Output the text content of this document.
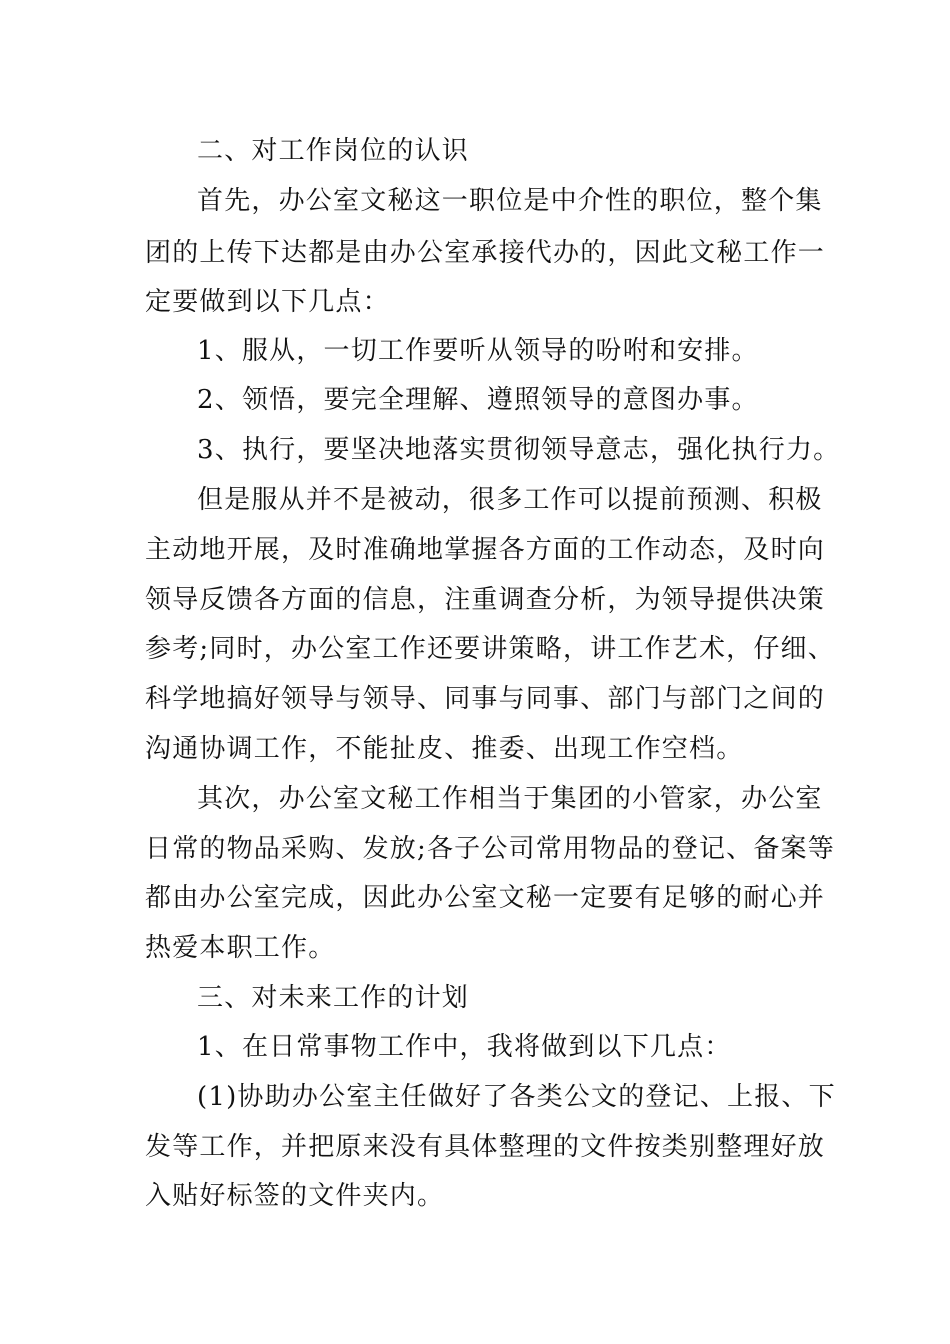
二、对工作岗位的认识
首先，办公室文秘这一职位是中介性的职位，整个集
团的上传下达都是由办公室承接代办的，因此文秘工作一
定要做到以下几点：
1、服从，一切工作要听从领导的吩咐和安排。
2、领悟，要完全理解、遵照领导的意图办事。
3、执行，要坚决地落实贯彻领导意志，强化执行力。
但是服从并不是被动，很多工作可以提前预测、积极
主动地开展，及时准确地掌握各方面的工作动态，及时向
领导反馈各方面的信息，注重调查分析，为领导提供决策
参考;同时，办公室工作还要讲策略，讲工作艺术，仔细、
科学地搞好领导与领导、同事与同事、部门与部门之间的
沟通协调工作，不能扯皮、推委、出现工作空档。
其次，办公室文秘工作相当于集团的小管家，办公室
日常的物品采购、发放;各子公司常用物品的登记、备案等
都由办公室完成，因此办公室文秘一定要有足够的耐心并
热爱本职工作。
三、对未来工作的计划
1、在日常事物工作中，我将做到以下几点：
(1)协助办公室主任做好了各类公文的登记、上报、下
发等工作，并把原来没有具体整理的文件按类别整理好放
入贴好标签的文件夹内。
